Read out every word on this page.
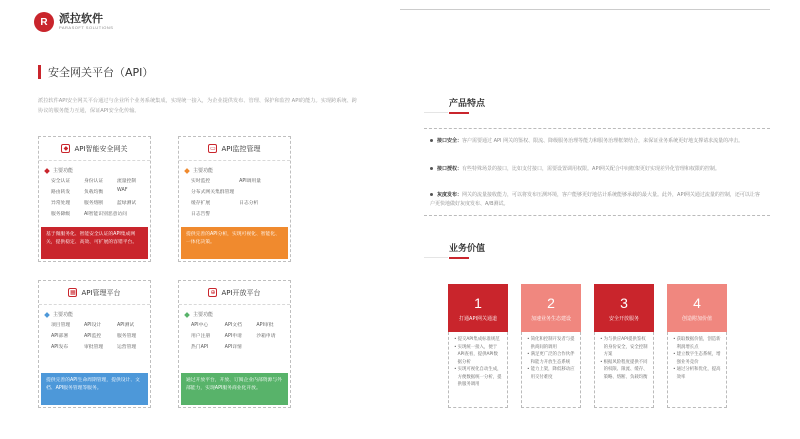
R	派拉软件
PARASOFT SOLUTIONS
安全网关平台（API）
派拉软件API安全网关平台通过与企业所个业务系统集成，实现统一接入，为企业提供发布、管理、保护和监控 API的能力。实现跨系统、跨协议的服务能力互通，保证API安全化传输。
◆ API智能安全网关
主要功能
安全认证	身份认证	流量控制
路由转发	负载均衡	WAF
异常处理	服务熔断	蓝绿测试
服务降级	AI智能识别恶意访问
基于微服务化、智能安全认证的API集成网关，提供稳定、高效、可扩展的容错平台。
▭ API监控管理
主要功能
实时监控	API调用量
分布式网关集群管理
缓存扩展	日志分析
日志告警
提供完善的API分析，实现可视化、智能化、一体化决策。
▦ API管理平台
主要功能
项目管理	API设计	API测试
API部署	API监控	服务管理
API发布	审批管理	运营管理
提供完善的API生命周期管理，提供设计、文档、API服务管理等服务。
⊕ API开放平台
主要功能
API中心	API文档	API审批
用户注册	API申请	沙箱申请
热门API	API详情
通过开放平台，开放、订阅企业内部资源与外部能力，实现API服务商业化开放。
产品特点
接口安全：客户需要通过 API 网关的鉴权、限流、降级服务治理等能力和服务治理框架结合，来保证业务系统更好地支撑请求流量的冲击。
接口授权：有些特殊场景的接口，比如支付接口，需要设置调用权限。API网关配合中间框架更好实现差异化管理和权限的控制。
灰度发布：网关的流量接收能力，可以将发布压测环境，客户能够更好地估计系统能够承载的最大量。此外，API网关通过流量的控制，还可以让客户更快地做好灰度发布、A/B测试。
业务价值
1
打通API网关通道
• 提交API集成标准规范
• 实现统一接入，便于API查看，提供API数据分析
• 实现可视化自动生成，方便数据统一分析，提供服务调用
2
加速业务生态建设
• 简化和控制开发者与提供商间的调用
• 满足更广泛的合作伙伴和能力开放生态系统
• 能力上架，降低移动应用交付难度
3
安全开放服务
• 为与供应API提供鉴权的身份安全，安全控制方案
• 根据风险程度提供不同的权限、限流、缓存、策略、熔断、负载均衡
4
创造附加价值
• 获取数据价值，创造新利润增长点
• 建立数字生态系统，增强业务竞价
• 通过分析和优化，提高效率
